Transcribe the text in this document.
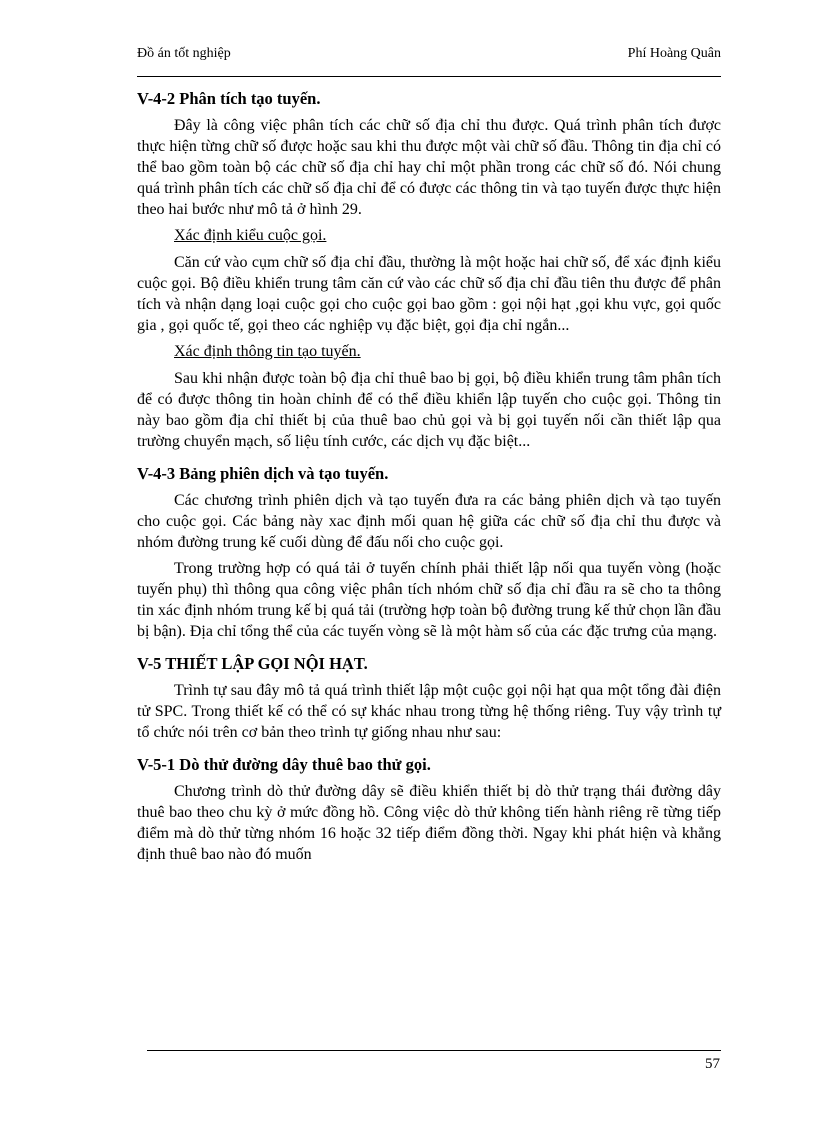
Đồ án tốt nghiệp	Phí Hoàng Quân
V-4-2 Phân tích tạo tuyến.

Đây là công việc phân tích các chữ số địa chỉ thu được. Quá trình phân tích được thực hiện từng chữ số được hoặc sau khi thu được một vài chữ số đầu. Thông tin địa chỉ có thể bao gồm toàn bộ các chữ số địa chỉ hay chỉ một phần trong các chữ số đó. Nói chung quá trình phân tích các chữ số địa chỉ để có được các thông tin và tạo tuyến được thực hiện theo hai bước như mô tả ở hình 29.

Xác định kiểu cuộc gọi.

Căn cứ vào cụm chữ số địa chỉ đầu, thường là một hoặc hai chữ số, để xác định kiểu cuộc gọi. Bộ điều khiển trung tâm căn cứ vào các chữ số địa chỉ đầu tiên thu được để phân tích và nhận dạng loại cuộc gọi cho cuộc gọi bao gồm : gọi nội hạt ,gọi khu vực, gọi quốc gia , gọi quốc tế, gọi theo các nghiệp vụ đặc biệt, gọi địa chỉ ngắn...

Xác định thông tin tạo tuyến.

Sau khi nhận được toàn bộ địa chỉ thuê bao bị gọi, bộ điều khiển trung tâm phân tích để có được thông tin hoàn chỉnh để có thể điều khiển lập tuyến cho cuộc gọi. Thông tin này bao gồm địa chỉ thiết bị của thuê bao chủ gọi và bị gọi tuyến nối cần thiết lập qua trường chuyển mạch, số liệu tính cước, các dịch vụ đặc biệt...

V-4-3 Bảng phiên dịch và tạo tuyến.

Các chương trình phiên dịch và tạo tuyến đưa ra các bảng phiên dịch và tạo tuyến cho cuộc gọi. Các bảng này xac định mối quan hệ giữa các chữ số địa chỉ thu được và nhóm đường trung kế cuối dùng để đấu nối cho cuộc gọi.

Trong trường hợp có quá tải ở tuyến chính phải thiết lập nối qua tuyến vòng (hoặc tuyến phụ) thì thông qua công việc phân tích nhóm chữ số địa chỉ đầu ra sẽ cho ta thông tin xác định nhóm trung kế bị quá tải (trường hợp toàn bộ đường trung kế thử chọn lần đầu bị bận). Địa chỉ tổng thể của các tuyến vòng sẽ là một hàm số của các đặc trưng của mạng.

V-5 THIẾT LẬP GỌI NỘI HẠT.

Trình tự sau đây mô tả quá trình thiết lập một cuộc gọi nội hạt qua một tổng đài điện tử SPC. Trong thiết kế có thể có sự khác nhau trong từng hệ thống riêng. Tuy vậy trình tự tổ chức nói trên cơ bản theo trình tự giống nhau như sau:

V-5-1 Dò thử đường dây thuê bao thử gọi.

Chương trình dò thử đường dây sẽ điều khiển thiết bị dò thử trạng thái đường dây thuê bao theo chu kỳ ở mức đồng hồ. Công việc dò thử không tiến hành riêng rẽ từng tiếp điểm mà dò thử từng nhóm 16 hoặc 32 tiếp điểm đồng thời. Ngay khi phát hiện và khẳng định thuê bao nào đó muốn

57
